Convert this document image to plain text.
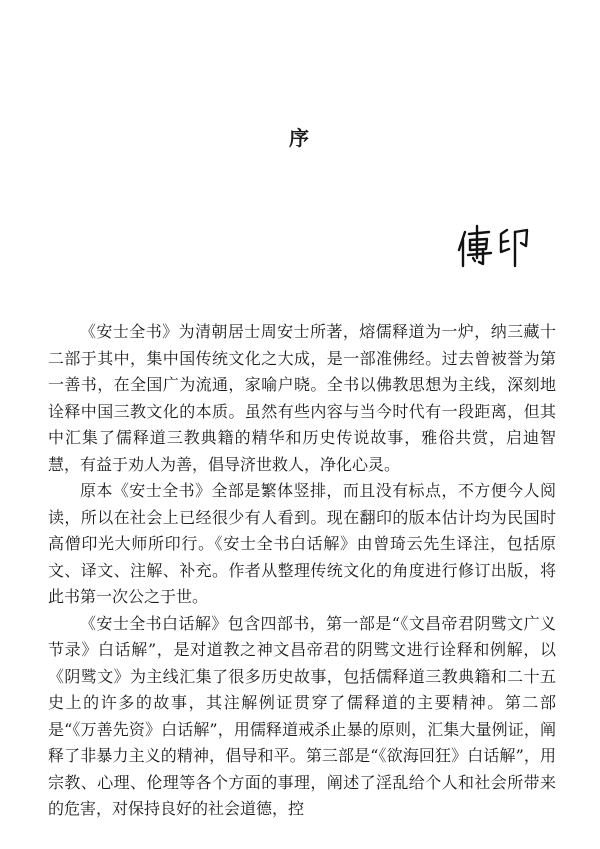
序

《安士全书》为清朝居士周安士所著，熔儒释道为一炉，纳三藏十二部于其中，集中国传统文化之大成，是一部准佛经。过去曾被誉为第一善书，在全国广为流通，家喻户晓。全书以佛教思想为主线，深刻地诠释中国三教文化的本质。虽然有些内容与当今时代有一段距离，但其中汇集了儒释道三教典籍的精华和历史传说故事，雅俗共赏，启迪智慧，有益于劝人为善，倡导济世救人，净化心灵。

原本《安士全书》全部是繁体竖排，而且没有标点，不方便今人阅读，所以在社会上已经很少有人看到。现在翻印的版本估计均为民国时高僧印光大师所印行。《安士全书白话解》由曾琦云先生译注，包括原文、译文、注解、补充。作者从整理传统文化的角度进行修订出版，将此书第一次公之于世。

《安士全书白话解》包含四部书，第一部是“《文昌帝君阴骘文广义节录》白话解”，是对道教之神文昌帝君的阴骘文进行诠释和例解，以《阴骘文》为主线汇集了很多历史故事，包括儒释道三教典籍和二十五史上的许多的故事，其注解例证贯穿了儒释道的主要精神。第二部是“《万善先资》白话解”，用儒释道戒杀止暴的原则，汇集大量例证，阐释了非暴力主义的精神，倡导和平。第三部是“《欲海回狂》白话解”，用宗教、心理、伦理等各个方面的事理，阐述了淫乱给个人和社会所带来的危害，对保持良好的社会道德，控
